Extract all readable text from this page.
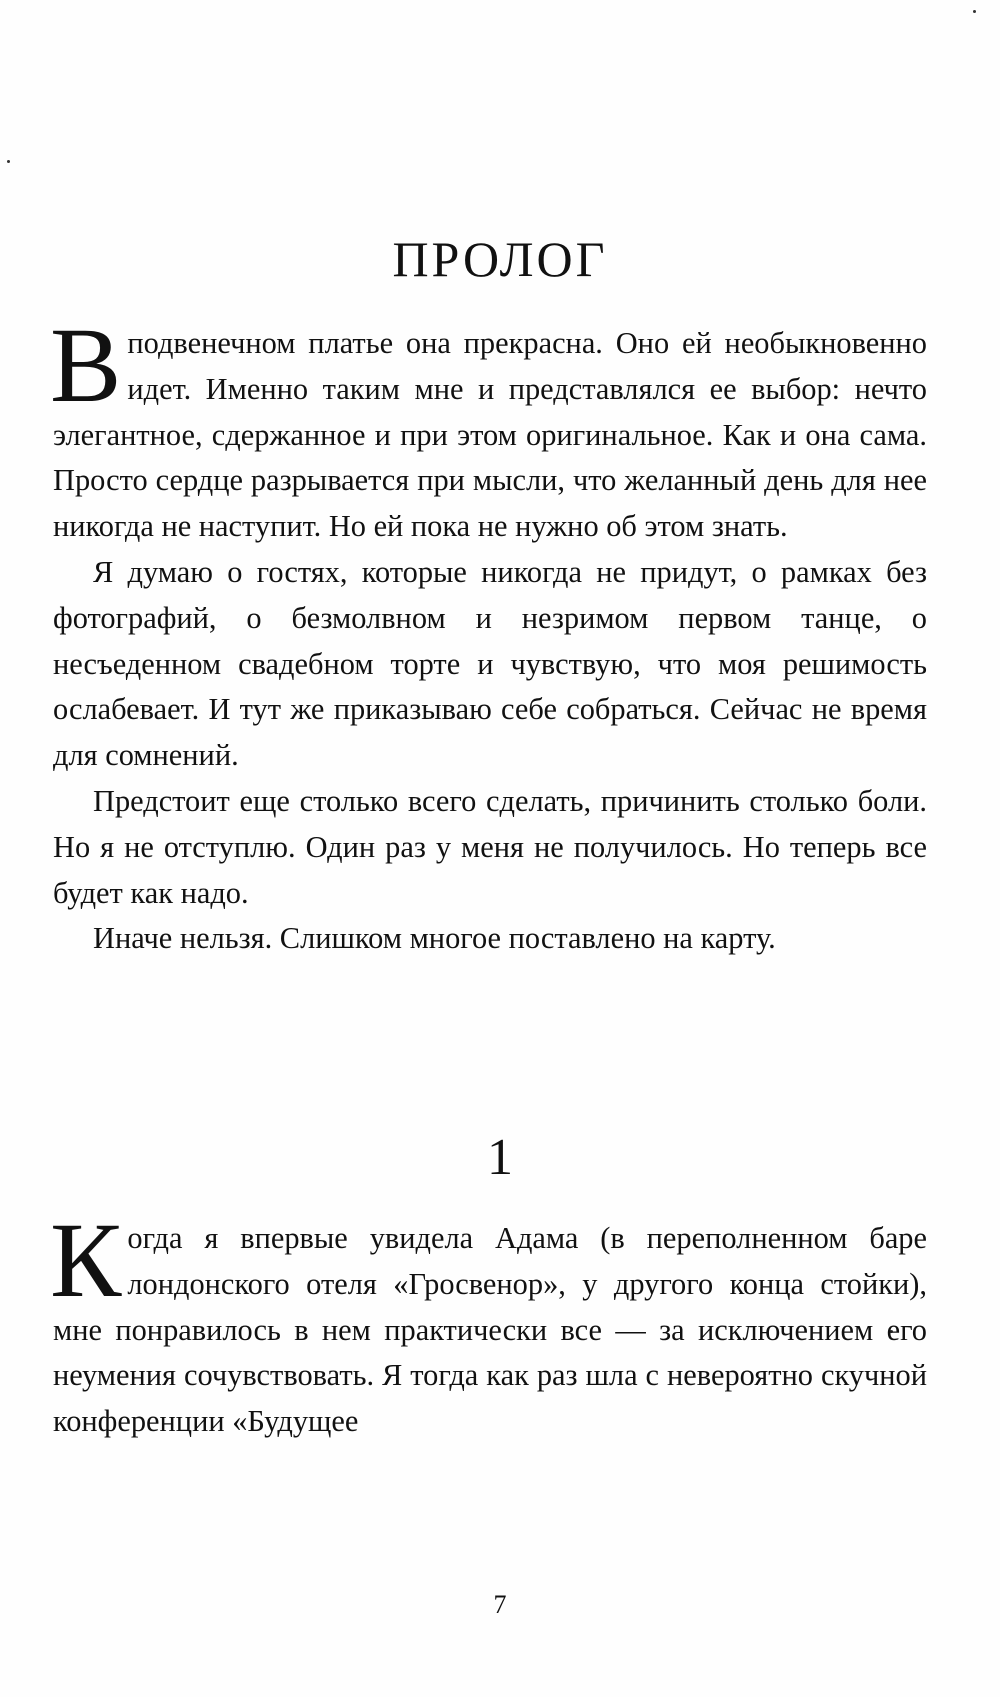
ПРОЛОГ

В подвенечном платье она прекрасна. Оно ей необыкновенно идет. Именно таким мне и представлялся ее выбор: нечто элегантное, сдержанное и при этом оригинальное. Как и она сама. Просто сердце разрывается при мысли, что желанный день для нее никогда не наступит. Но ей пока не нужно об этом знать.

Я думаю о гостях, которые никогда не придут, о рамках без фотографий, о безмолвном и незримом первом танце, о несъеденном свадебном торте и чувствую, что моя решимость ослабевает. И тут же приказываю себе собраться. Сейчас не время для сомнений.

Предстоит еще столько всего сделать, причинить столько боли. Но я не отступлю. Один раз у меня не получилось. Но теперь все будет как надо.

Иначе нельзя. Слишком многое поставлено на карту.

1

Когда я впервые увидела Адама (в переполненном баре лондонского отеля «Гросвенор», у другого конца стойки), мне понравилось в нем практически все — за исключением его неумения сочувствовать. Я тогда как раз шла с невероятно скучной конференции «Будущее

7
